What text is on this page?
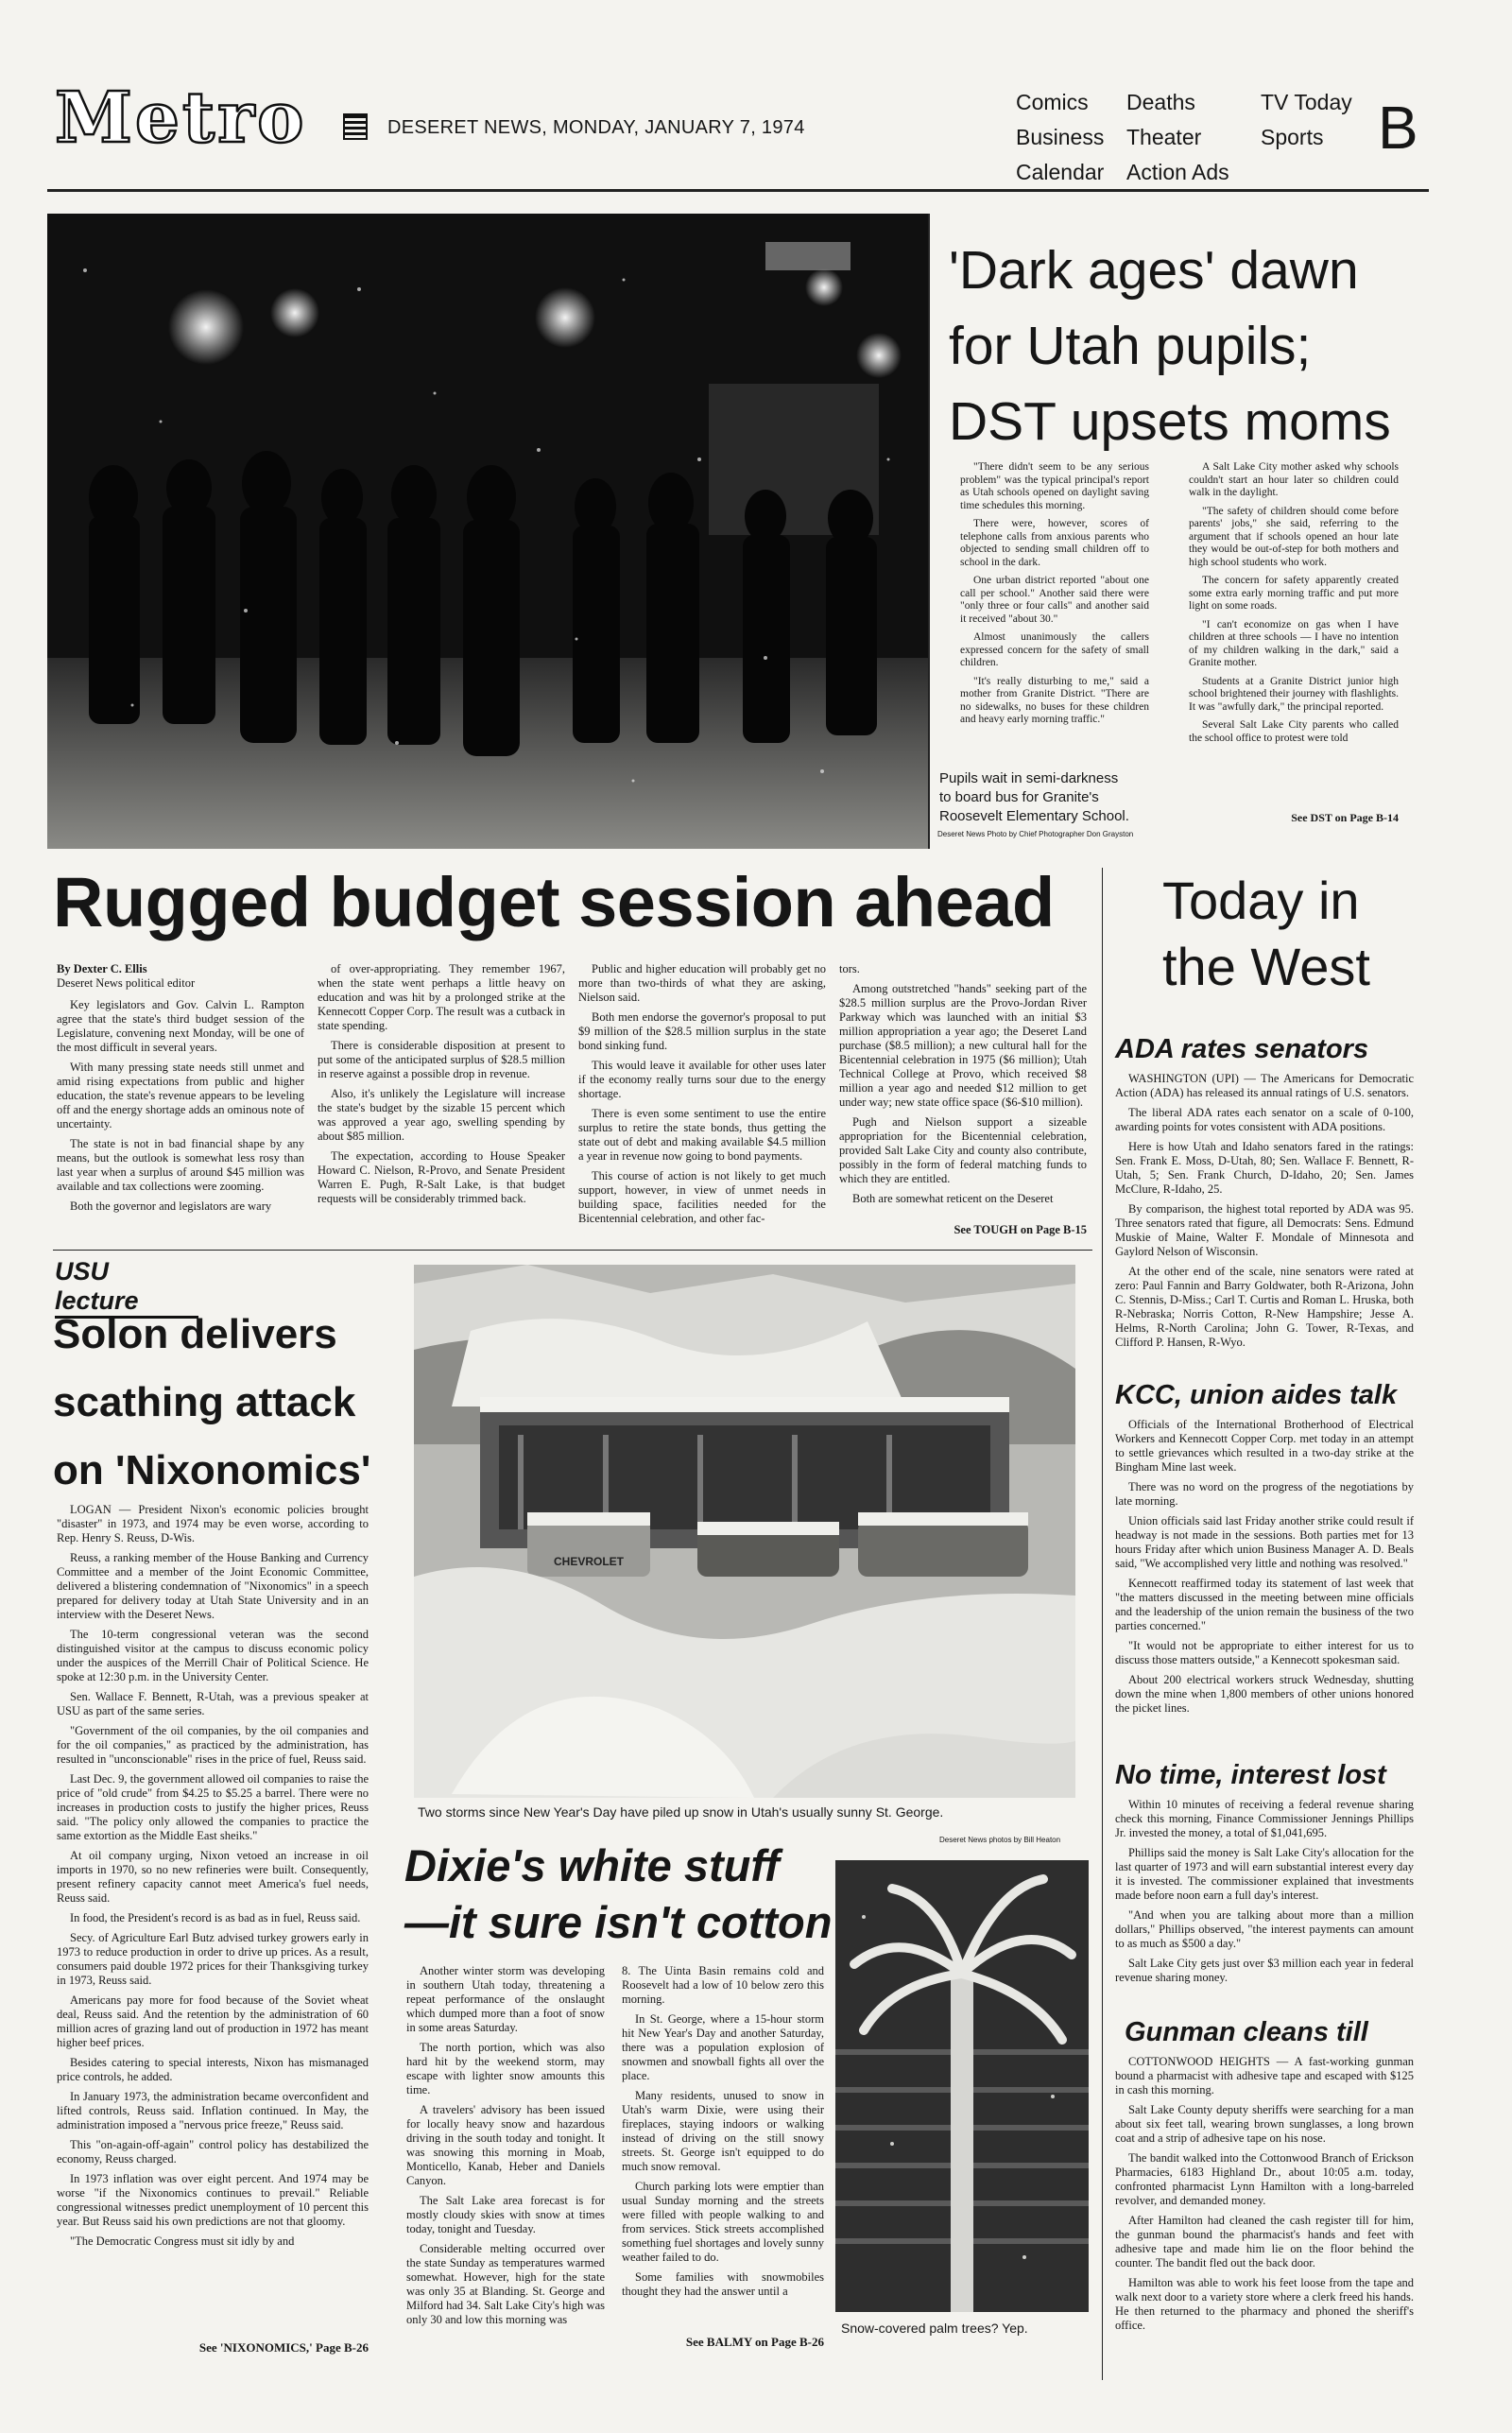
Metro	DESERET NEWS, MONDAY, JANUARY 7, 1974
Comics
Business
Calendar
Deaths
Theater
Action Ads
TV Today
Sports B
'Dark ages' dawn
for Utah pupils;
DST upsets moms

"There didn't seem to be any serious problem" was the typical principal's report as Utah schools opened on daylight saving time schedules this morning.

There were, however, scores of telephone calls from anxious parents who objected to sending small children off to school in the dark.

One urban district reported "about one call per school." Another said there were "only three or four calls" and another said it received "about 30."

Almost unanimously the callers expressed concern for the safety of small children.

"It's really disturbing to me," said a mother from Granite District. "There are no sidewalks, no buses for these children and heavy early morning traffic."

A Salt Lake City mother asked why schools couldn't start an hour later so children could walk in the daylight.

"The safety of children should come before parents' jobs," she said, referring to the argument that if schools opened an hour late they would be out-of-step for both mothers and high school students who work.

The concern for safety apparently created some extra early morning traffic and put more light on some roads.

"I can't economize on gas when I have children at three schools — I have no intention of my children walking in the dark," said a Granite mother.

Students at a Granite District junior high school brightened their journey with flashlights. It was "awfully dark," the principal reported.

Several Salt Lake City parents who called the school office to protest were told

See DST on Page B-14
Pupils wait in semi-darkness
to board bus for Granite's
Roosevelt Elementary School.
Deseret News Photo by Chief Photographer Don Grayston
Rugged budget session ahead

By Dexter C. Ellis

Deseret News political editor

Key legislators and Gov. Calvin L. Rampton agree that the state's third budget session of the Legislature, convening next Monday, will be one of the most difficult in several years.

With many pressing state needs still unmet and amid rising expectations from public and higher education, the state's revenue appears to be leveling off and the energy shortage adds an ominous note of uncertainty.

The state is not in bad financial shape by any means, but the outlook is somewhat less rosy than last year when a surplus of around $45 million was available and tax collections were zooming.

Both the governor and legislators are wary

of over-appropriating. They remember 1967, when the state went perhaps a little heavy on education and was hit by a prolonged strike at the Kennecott Copper Corp. The result was a cutback in state spending.

There is considerable disposition at present to put some of the anticipated surplus of $28.5 million in reserve against a possible drop in revenue.

Also, it's unlikely the Legislature will increase the state's budget by the sizable 15 percent which was approved a year ago, swelling spending by about $85 million.

The expectation, according to House Speaker Howard C. Nielson, R-Provo, and Senate President Warren E. Pugh, R-Salt Lake, is that budget requests will be considerably trimmed back.

Public and higher education will probably get no more than two-thirds of what they are asking, Nielson said.

Both men endorse the governor's proposal to put $9 million of the $28.5 million surplus in the state bond sinking fund.

This would leave it available for other uses later if the economy really turns sour due to the energy shortage.

There is even some sentiment to use the entire surplus to retire the state bonds, thus getting the state out of debt and making available $4.5 million a year in revenue now going to bond payments.

This course of action is not likely to get much support, however, in view of unmet needs in building space, facilities needed for the Bicentennial celebration, and other fac-

tors.

Among outstretched "hands" seeking part of the $28.5 million surplus are the Provo-Jordan River Parkway which was launched with an initial $3 million appropriation a year ago; the Deseret Land purchase ($8.5 million); a new cultural hall for the Bicentennial celebration in 1975 ($6 million); Utah Technical College at Provo, which received $8 million a year ago and needed $12 million to get under way; new state office space ($6-$10 million).

Pugh and Nielson support a sizeable appropriation for the Bicentennial celebration, provided Salt Lake City and county also contribute, possibly in the form of federal matching funds to which they are entitled.

Both are somewhat reticent on the Deseret

See TOUGH on Page B-15
Today in
the West
ADA rates senators

WASHINGTON (UPI) — The Americans for Democratic Action (ADA) has released its annual ratings of U.S. senators.

The liberal ADA rates each senator on a scale of 0-100, awarding points for votes consistent with ADA positions.

Here is how Utah and Idaho senators fared in the ratings: Sen. Frank E. Moss, D-Utah, 80; Sen. Wallace F. Bennett, R-Utah, 5; Sen. Frank Church, D-Idaho, 20; Sen. James McClure, R-Idaho, 25.

By comparison, the highest total reported by ADA was 95. Three senators rated that figure, all Democrats: Sens. Edmund Muskie of Maine, Walter F. Mondale of Minnesota and Gaylord Nelson of Wisconsin.

At the other end of the scale, nine senators were rated at zero: Paul Fannin and Barry Goldwater, both R-Arizona, John C. Stennis, D-Miss.; Carl T. Curtis and Roman L. Hruska, both R-Nebraska; Norris Cotton, R-New Hampshire; Jesse A. Helms, R-North Carolina; John G. Tower, R-Texas, and Clifford P. Hansen, R-Wyo.

KCC, union aides talk

Officials of the International Brotherhood of Electrical Workers and Kennecott Copper Corp. met today in an attempt to settle grievances which resulted in a two-day strike at the Bingham Mine last week.

There was no word on the progress of the negotiations by late morning.

Union officials said last Friday another strike could result if headway is not made in the sessions. Both parties met for 13 hours Friday after which union Business Manager A. D. Beals said, "We accomplished very little and nothing was resolved."

Kennecott reaffirmed today its statement of last week that "the matters discussed in the meeting between mine officials and the leadership of the union remain the business of the two parties concerned."

"It would not be appropriate to either interest for us to discuss those matters outside," a Kennecott spokesman said.

About 200 electrical workers struck Wednesday, shutting down the mine when 1,800 members of other unions honored the picket lines.

No time, interest lost

Within 10 minutes of receiving a federal revenue sharing check this morning, Finance Commissioner Jennings Phillips Jr. invested the money, a total of $1,041,695.

Phillips said the money is Salt Lake City's allocation for the last quarter of 1973 and will earn substantial interest every day it is invested. The commissioner explained that investments made before noon earn a full day's interest.

"And when you are talking about more than a million dollars," Phillips observed, "the interest payments can amount to as much as $500 a day."

Salt Lake City gets just over $3 million each year in federal revenue sharing money.

Gunman cleans till

COTTONWOOD HEIGHTS — A fast-working gunman bound a pharmacist with adhesive tape and escaped with $125 in cash this morning.

Salt Lake County deputy sheriffs were searching for a man about six feet tall, wearing brown sunglasses, a long brown coat and a strip of adhesive tape on his nose.

The bandit walked into the Cottonwood Branch of Erickson Pharmacies, 6183 Highland Dr., about 10:05 a.m. today, confronted pharmacist Lynn Hamilton with a long-barreled revolver, and demanded money.

After Hamilton had cleaned the cash register till for him, the gunman bound the pharmacist's hands and feet with adhesive tape and made him lie on the floor behind the counter. The bandit fled out the back door.

Hamilton was able to work his feet loose from the tape and walk next door to a variety store where a clerk freed his hands. He then returned to the pharmacy and phoned the sheriff's office.

USU lecture
Solon delivers
scathing attack
on 'Nixonomics'

LOGAN — President Nixon's economic policies brought "disaster" in 1973, and 1974 may be even worse, according to Rep. Henry S. Reuss, D-Wis.

Reuss, a ranking member of the House Banking and Currency Committee and a member of the Joint Economic Committee, delivered a blistering condemnation of "Nixonomics" in a speech prepared for delivery today at Utah State University and in an interview with the Deseret News.

The 10-term congressional veteran was the second distinguished visitor at the campus to discuss economic policy under the auspices of the Merrill Chair of Political Science. He spoke at 12:30 p.m. in the University Center.

Sen. Wallace F. Bennett, R-Utah, was a previous speaker at USU as part of the same series.

"Government of the oil companies, by the oil companies and for the oil companies," as practiced by the administration, has resulted in "unconscionable" rises in the price of fuel, Reuss said.

Last Dec. 9, the government allowed oil companies to raise the price of "old crude" from $4.25 to $5.25 a barrel. There were no increases in production costs to justify the higher prices, Reuss said. "The policy only allowed the companies to practice the same extortion as the Middle East sheiks."

At oil company urging, Nixon vetoed an increase in oil imports in 1970, so no new refineries were built. Consequently, present refinery capacity cannot meet America's fuel needs, Reuss said.

In food, the President's record is as bad as in fuel, Reuss said.

Secy. of Agriculture Earl Butz advised turkey growers early in 1973 to reduce production in order to drive up prices. As a result, consumers paid double 1972 prices for their Thanksgiving turkey in 1973, Reuss said.

Americans pay more for food because of the Soviet wheat deal, Reuss said. And the retention by the administration of 60 million acres of grazing land out of production in 1972 has meant higher beef prices.

Besides catering to special interests, Nixon has mismanaged price controls, he added.

In January 1973, the administration became overconfident and lifted controls, Reuss said. Inflation continued. In May, the administration imposed a "nervous price freeze," Reuss said.

This "on-again-off-again" control policy has destabilized the economy, Reuss charged.

In 1973 inflation was over eight percent. And 1974 may be worse "if the Nixonomics continues to prevail." Reliable congressional witnesses predict unemployment of 10 percent this year. But Reuss said his own predictions are not that gloomy.

"The Democratic Congress must sit idly by and

See 'NIXONOMICS,' Page B-26
CHEVROLET
Two storms since New Year's Day have piled up snow in Utah's usually sunny St. George.
Deseret News photos by Bill Heaton
Dixie's white stuff
—it sure isn't cotton

Another winter storm was developing in southern Utah today, threatening a repeat performance of the onslaught which dumped more than a foot of snow in some areas Saturday.

The north portion, which was also hard hit by the weekend storm, may escape with lighter snow amounts this time.

A travelers' advisory has been issued for locally heavy snow and hazardous driving in the south today and tonight. It was snowing this morning in Moab, Monticello, Kanab, Heber and Daniels Canyon.

The Salt Lake area forecast is for mostly cloudy skies with snow at times today, tonight and Tuesday.

Considerable melting occurred over the state Sunday as temperatures warmed somewhat. However, high for the state was only 35 at Blanding. St. George and Milford had 34. Salt Lake City's high was only 30 and low this morning was

8. The Uinta Basin remains cold and Roosevelt had a low of 10 below zero this morning.

In St. George, where a 15-hour storm hit New Year's Day and another Saturday, there was a population explosion of snowmen and snowball fights all over the place.

Many residents, unused to snow in Utah's warm Dixie, were using their fireplaces, staying indoors or walking instead of driving on the still snowy streets. St. George isn't equipped to do much snow removal.

Church parking lots were emptier than usual Sunday morning and the streets were filled with people walking to and from services. Stick streets accomplished something fuel shortages and lovely sunny weather failed to do.

Some families with snowmobiles thought they had the answer until a

See BALMY on Page B-26
Snow-covered palm trees? Yep.
